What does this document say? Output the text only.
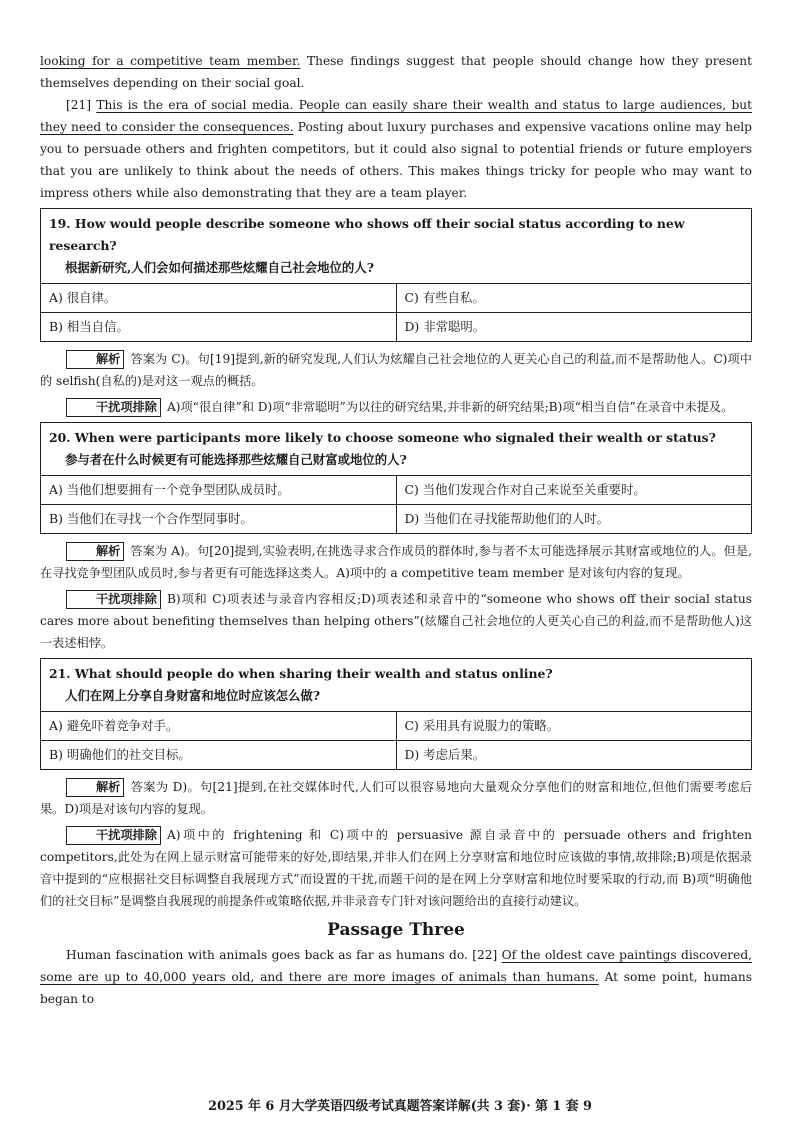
looking for a competitive team member. These findings suggest that people should change how they present themselves depending on their social goal.

[21] This is the era of social media. People can easily share their wealth and status to large audiences, but they need to consider the consequences. Posting about luxury purchases and expensive vacations online may help you to persuade others and frighten competitors, but it could also signal to potential friends or future employers that you are unlikely to think about the needs of others. This makes things tricky for people who may want to impress others while also demonstrating that they are a team player.

19. How would people describe someone who shows off their social status according to new research?
根据新研究,人们会如何描述那些炫耀自己社会地位的人?	

A) 很自律。	C) 有些自私。
B) 相当自信。	D) 非常聪明。

解析 答案为 C)。句[19]提到,新的研究发现,人们认为炫耀自己社会地位的人更关心自己的利益,而不是帮助他人。C)项中的 selfish(自私的)是对这一观点的概括。

干扰项排除 A)项“很自律”和 D)项“非常聪明”为以往的研究结果,并非新的研究结果;B)项“相当自信”在录音中未提及。

20. When were participants more likely to choose someone who signaled their wealth or status?
参与者在什么时候更有可能选择那些炫耀自己财富或地位的人?	

A) 当他们想要拥有一个竞争型团队成员时。	C) 当他们发现合作对自己来说至关重要时。
B) 当他们在寻找一个合作型同事时。	D) 当他们在寻找能帮助他们的人时。

解析 答案为 A)。句[20]提到,实验表明,在挑选寻求合作成员的群体时,参与者不太可能选择展示其财富或地位的人。但是,在寻找竞争型团队成员时,参与者更有可能选择这类人。A)项中的 a competitive team member 是对该句内容的复现。

干扰项排除 B)项和 C)项表述与录音内容相反;D)项表述和录音中的“someone who shows off their social status cares more about benefiting themselves than helping others”(炫耀自己社会地位的人更关心自己的利益,而不是帮助他人)这一表述相悖。

21. What should people do when sharing their wealth and status online?
人们在网上分享自身财富和地位时应该怎么做?	

A) 避免吓着竞争对手。	C) 采用具有说服力的策略。
B) 明确他们的社交目标。	D) 考虑后果。

解析 答案为 D)。句[21]提到,在社交媒体时代,人们可以很容易地向大量观众分享他们的财富和地位,但他们需要考虑后果。D)项是对该句内容的复现。

干扰项排除 A)项中的 frightening 和 C)项中的 persuasive 源自录音中的 persuade others and frighten competitors,此处为在网上显示财富可能带来的好处,即结果,并非人们在网上分享财富和地位时应该做的事情,故排除;B)项是依据录音中提到的“应根据社交目标调整自我展现方式”而设置的干扰,而题干问的是在网上分享财富和地位时要采取的行动,而 B)项“明确他们的社交目标”是调整自我展现的前提条件或策略依据,并非录音专门针对该问题给出的直接行动建议。

Passage Three

Human fascination with animals goes back as far as humans do. [22] Of the oldest cave paintings discovered, some are up to 40,000 years old, and there are more images of animals than humans. At some point, humans began to

2025 年 6 月大学英语四级考试真题答案详解(共 3 套)· 第 1 套 9
